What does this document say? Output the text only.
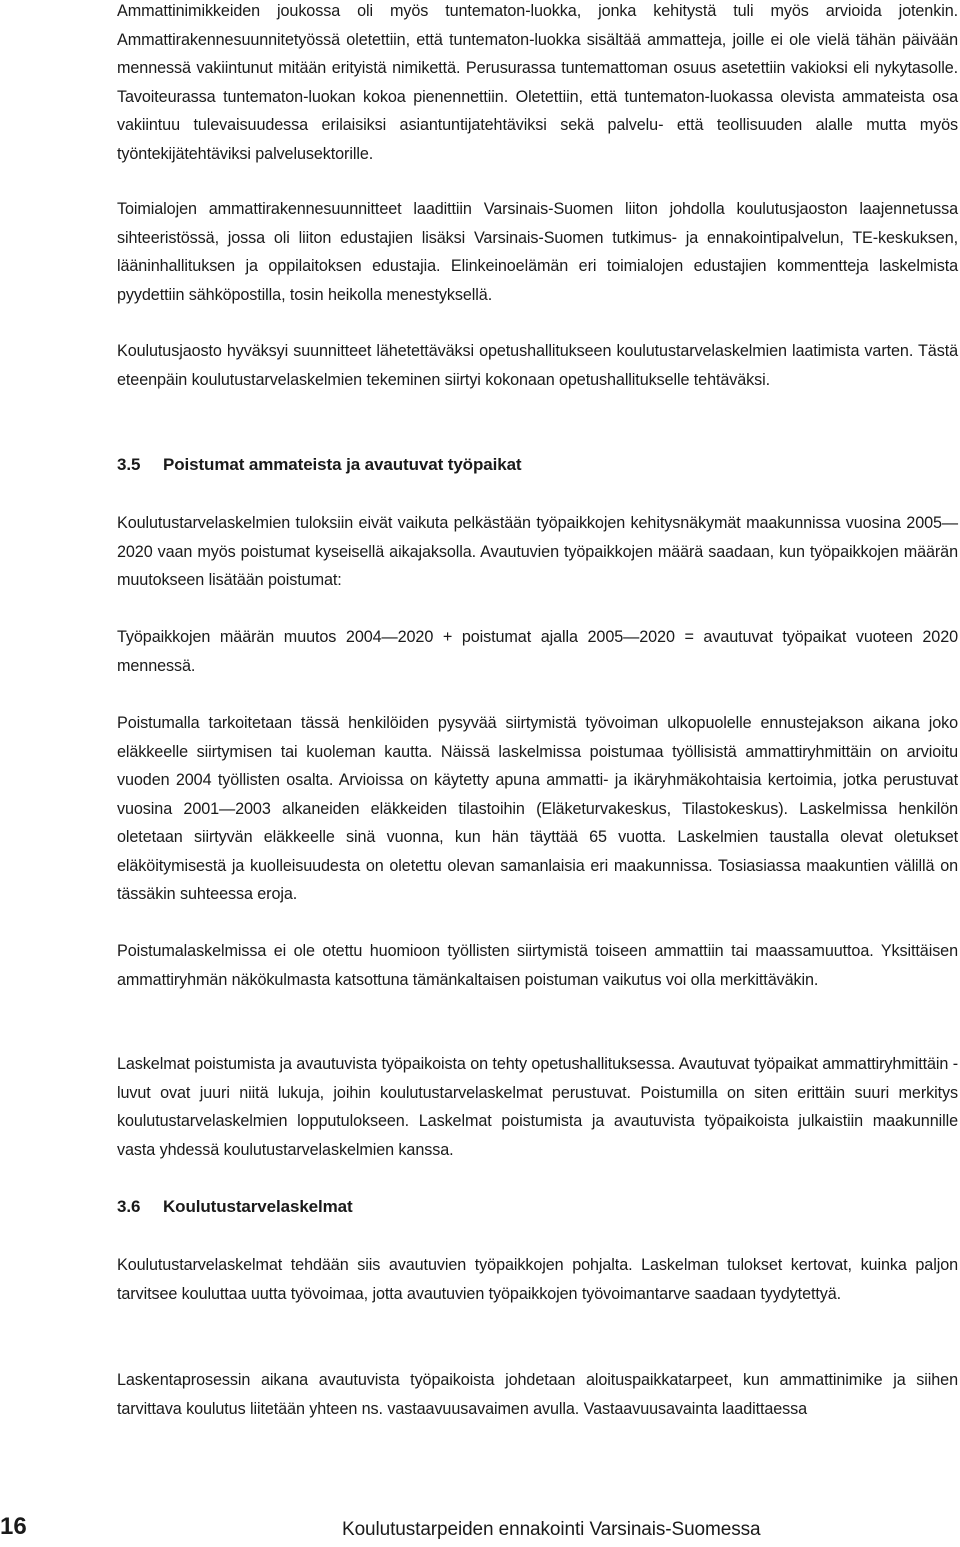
Ammattinimikkeiden joukossa oli myös tuntematon-luokka, jonka kehitystä tuli myös arvioida jotenkin. Ammattirakennesuunnitetyössä oletettiin, että tuntematon-luokka sisältää ammatteja, joille ei ole vielä tähän päivään mennessä vakiintunut mitään erityistä nimikettä. Perusurassa tuntemattoman osuus asetettiin vakioksi eli nykytasolle. Tavoiteurassa tuntematon-luokan kokoa pienennettiin. Oletettiin, että tuntematon-luokassa olevista ammateista osa vakiintuu tulevaisuudessa erilaisiksi asiantuntijatehtäviksi sekä palvelu- että teollisuuden alalle mutta myös työntekijätehtäviksi palvelusektorille.

Toimialojen ammattirakennesuunnitteet laadittiin Varsinais-Suomen liiton johdolla koulutusjaoston laajennetussa sihteeristössä, jossa oli liiton edustajien lisäksi Varsinais-Suomen tutkimus- ja ennakointipalvelun, TE-keskuksen, lääninhallituksen ja oppilaitoksen edustajia. Elinkeinoelämän eri toimialojen edustajien kommentteja laskelmista pyydettiin sähköpostilla, tosin heikolla menestyksellä.

Koulutusjaosto hyväksyi suunnitteet lähetettäväksi opetushallitukseen koulutustarvelaskelmien laatimista varten. Tästä eteenpäin koulutustarvelaskelmien tekeminen siirtyi kokonaan opetushallitukselle tehtäväksi.

Koulutustarvelaskelmien tuloksiin eivät vaikuta pelkästään työpaikkojen kehitysnäkymät maakunnissa vuosina 2005—2020 vaan myös poistumat kyseisellä aikajaksolla. Avautuvien työpaikkojen määrä saadaan, kun työpaikkojen määrän muutokseen lisätään poistumat:

Työpaikkojen määrän muutos 2004—2020 + poistumat ajalla 2005—2020 = avautuvat työpaikat vuoteen 2020 mennessä.

Poistumalla tarkoitetaan tässä henkilöiden pysyvää siirtymistä työvoiman ulkopuolelle ennustejakson aikana joko eläkkeelle siirtymisen tai kuoleman kautta. Näissä laskelmissa poistumaa työllisistä ammattiryhmittäin on arvioitu vuoden 2004 työllisten osalta. Arvioissa on käytetty apuna ammatti- ja ikäryhmäkohtaisia kertoimia, jotka perustuvat vuosina 2001—2003 alkaneiden eläkkeiden tilastoihin (Eläketurvakeskus, Tilastokeskus). Laskelmissa henkilön oletetaan siirtyvän eläkkeelle sinä vuonna, kun hän täyttää 65 vuotta. Laskelmien taustalla olevat oletukset eläköitymisestä ja kuolleisuudesta on oletettu olevan samanlaisia eri maakunnissa. Tosiasiassa maakuntien välillä on tässäkin suhteessa eroja.

Poistumalaskelmissa ei ole otettu huomioon työllisten siirtymistä toiseen ammattiin tai maassamuuttoa. Yksittäisen ammattiryhmän näkökulmasta katsottuna tämänkaltaisen poistuman vaikutus voi olla merkittäväkin.

Laskelmat poistumista ja avautuvista työpaikoista on tehty opetushallituksessa. Avautuvat työpaikat ammattiryhmittäin -luvut ovat juuri niitä lukuja, joihin koulutustarvelaskelmat perustuvat. Poistumilla on siten erittäin suuri merkitys koulutustarvelaskelmien lopputulokseen. Laskelmat poistumista ja avautuvista työpaikoista julkaistiin maakunnille vasta yhdessä koulutustarvelaskelmien kanssa.

Koulutustarvelaskelmat tehdään siis avautuvien työpaikkojen pohjalta. Laskelman tulokset kertovat, kuinka paljon tarvitsee kouluttaa uutta työvoimaa, jotta avautuvien työpaikkojen työvoimantarve saadaan tyydytettyä.

Laskentaprosessin aikana avautuvista työpaikoista johdetaan aloituspaikkatarpeet, kun ammattinimike ja siihen tarvittava koulutus liitetään yhteen ns. vastaavuusavaimen avulla. Vastaavuusavainta laadittaessa

3.5 Poistumat ammateista ja avautuvat työpaikat
3.6 Koulutustarvelaskelmat
16	Koulutustarpeiden ennakointi Varsinais-Suomessa
